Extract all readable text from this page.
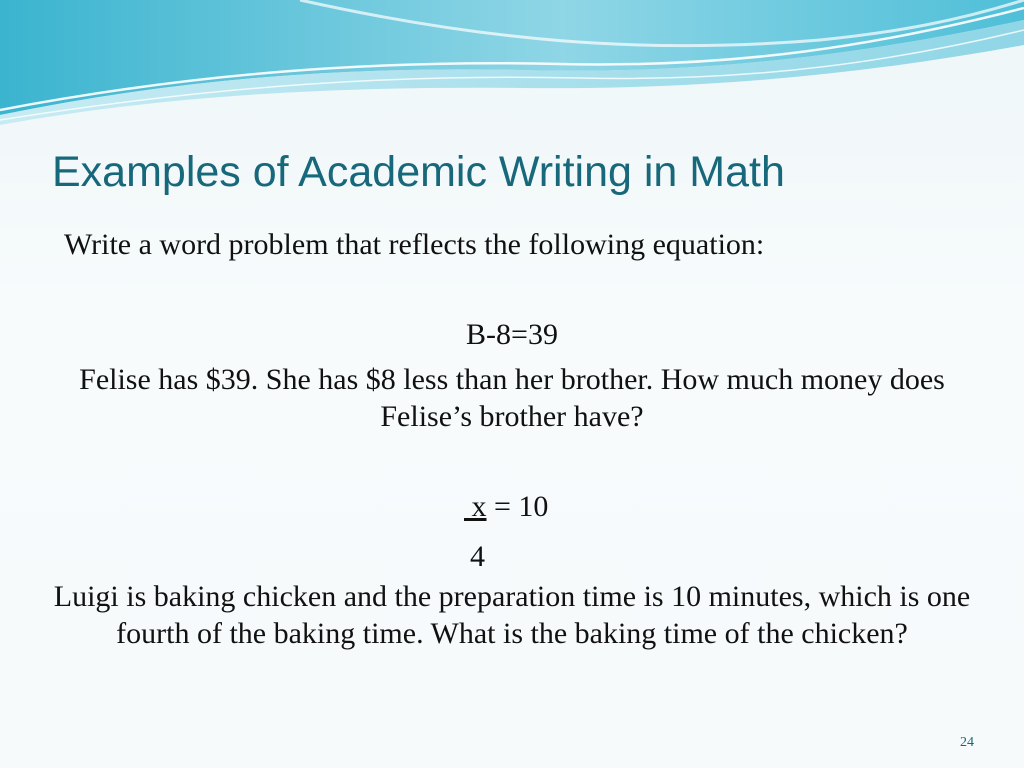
Examples of Academic Writing in Math

Write a word problem that reflects the following equation:

B-8=39

Felise has $39. She has $8 less than her brother. How much money does Felise’s brother have?

x = 10
4

Luigi is baking chicken and the preparation time is 10 minutes, which is one fourth of the baking time. What is the baking time of the chicken?

24
